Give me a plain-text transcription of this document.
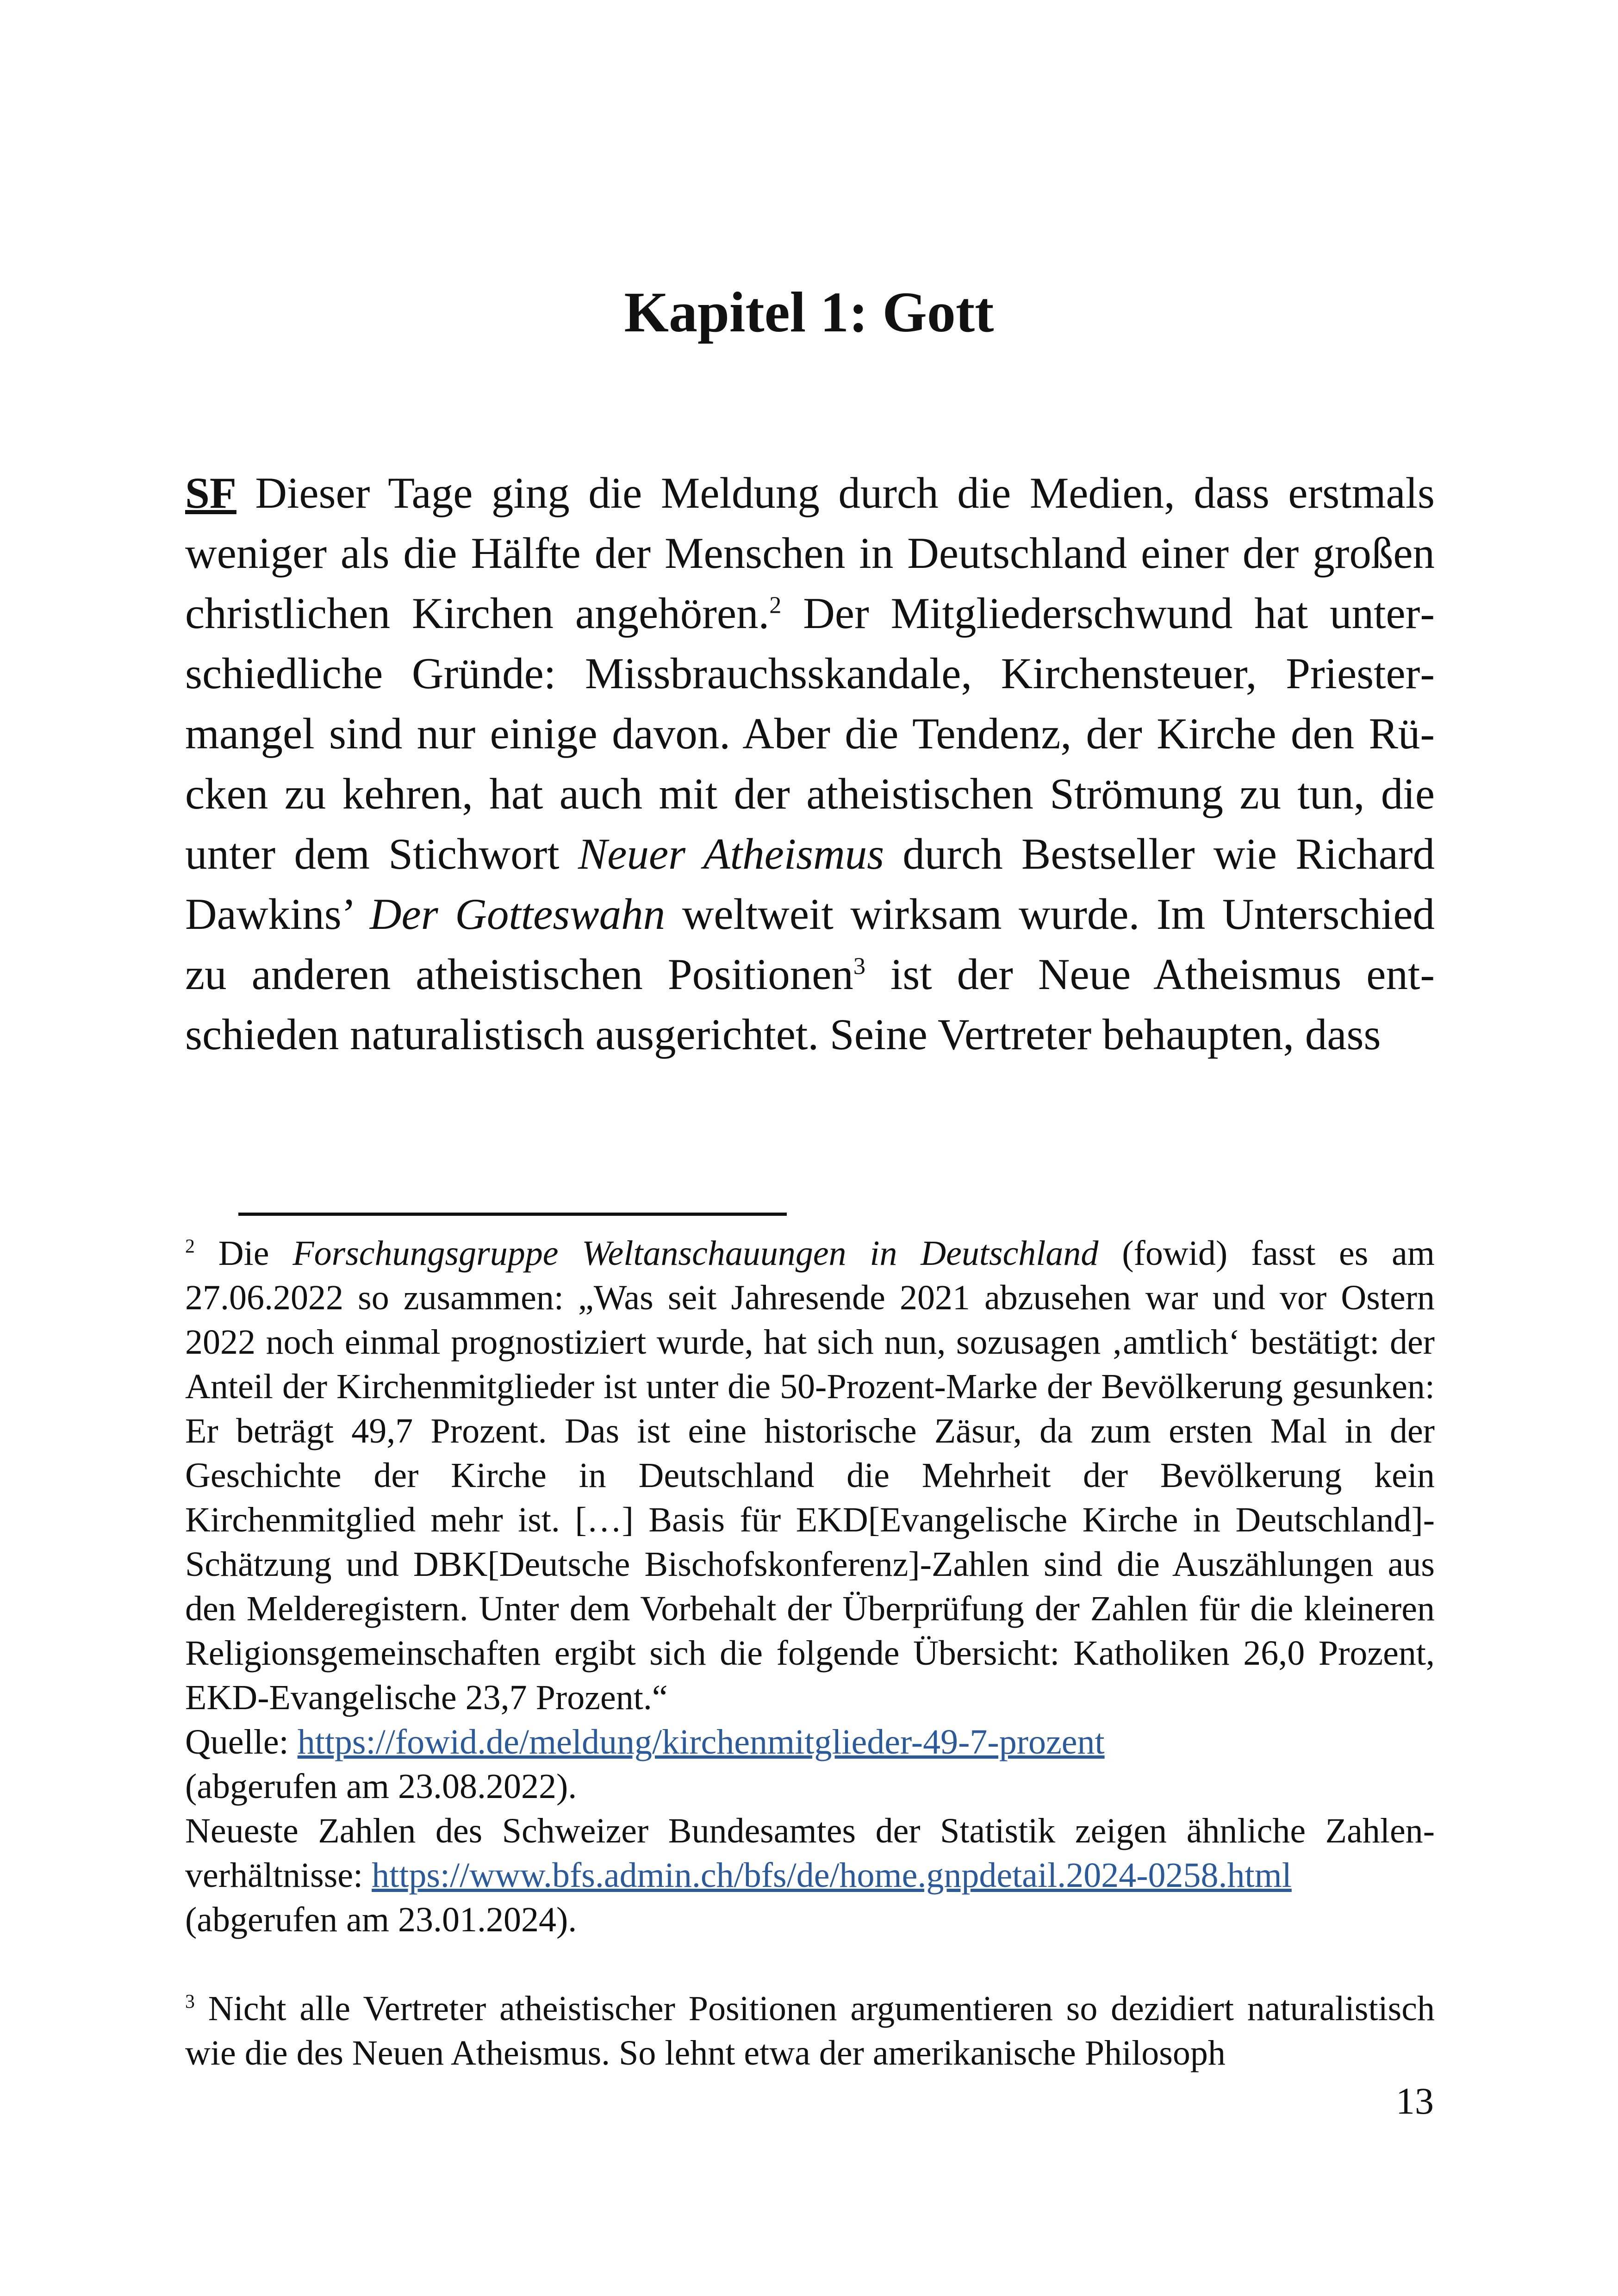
Kapitel 1: Gott

SF Dieser Tage ging die Meldung durch die Medien, dass erstmals weniger als die Hälfte der Menschen in Deutschland einer der großen christlichen Kirchen angehören.$^2$ Der Mitgliederschwund hat unterschiedliche Gründe: Missbrauchsskandale, Kirchensteuer, Priestermangel sind nur einige davon. Aber die Tendenz, der Kirche den Rücken zu kehren, hat auch mit der atheistischen Strömung zu tun, die unter dem Stichwort Neuer Atheismus durch Bestseller wie Richard Dawkins’ Der Gotteswahn weltweit wirksam wurde. Im Unterschied zu anderen atheistischen Positionen$^3$ ist der Neue Atheismus entschieden naturalistisch ausgerichtet. Seine Vertreter behaupten, dass

$^2$ Die Forschungsgruppe Weltanschauungen in Deutschland (fowid) fasst es am 27.06.2022 so zusammen: „Was seit Jahresende 2021 abzusehen war und vor Ostern 2022 noch einmal prognostiziert wurde, hat sich nun, sozusagen ‚amtlich‘ bestätigt: der Anteil der Kirchenmitglieder ist unter die 50-Prozent-Marke der Bevölkerung gesunken: Er beträgt 49,7 Prozent. Das ist eine historische Zäsur, da zum ersten Mal in der Geschichte der Kirche in Deutschland die Mehrheit der Bevölkerung kein Kirchenmitglied mehr ist. […] Basis für EKD[Evangelische Kirche in Deutschland]-Schätzung und DBK[Deutsche Bischofskonferenz]-Zahlen sind die Auszählungen aus den Melderegistern. Unter dem Vorbehalt der Überprüfung der Zahlen für die kleineren Religionsgemeinschaften ergibt sich die folgende Übersicht: Katholiken 26,0 Prozent, EKD-Evangelische 23,7 Prozent.“

Quelle: https://fowid.de/meldung/kirchenmitglieder-49-7-prozent

(abgerufen am 23.08.2022).

Neueste Zahlen des Schweizer Bundesamtes der Statistik zeigen ähnliche Zahlenverhältnisse: https://www.bfs.admin.ch/bfs/de/home.gnpdetail.2024-0258.html

(abgerufen am 23.01.2024).

$^3$ Nicht alle Vertreter atheistischer Positionen argumentieren so dezidiert naturalistisch wie die des Neuen Atheismus. So lehnt etwa der amerikanische Philosoph

13
